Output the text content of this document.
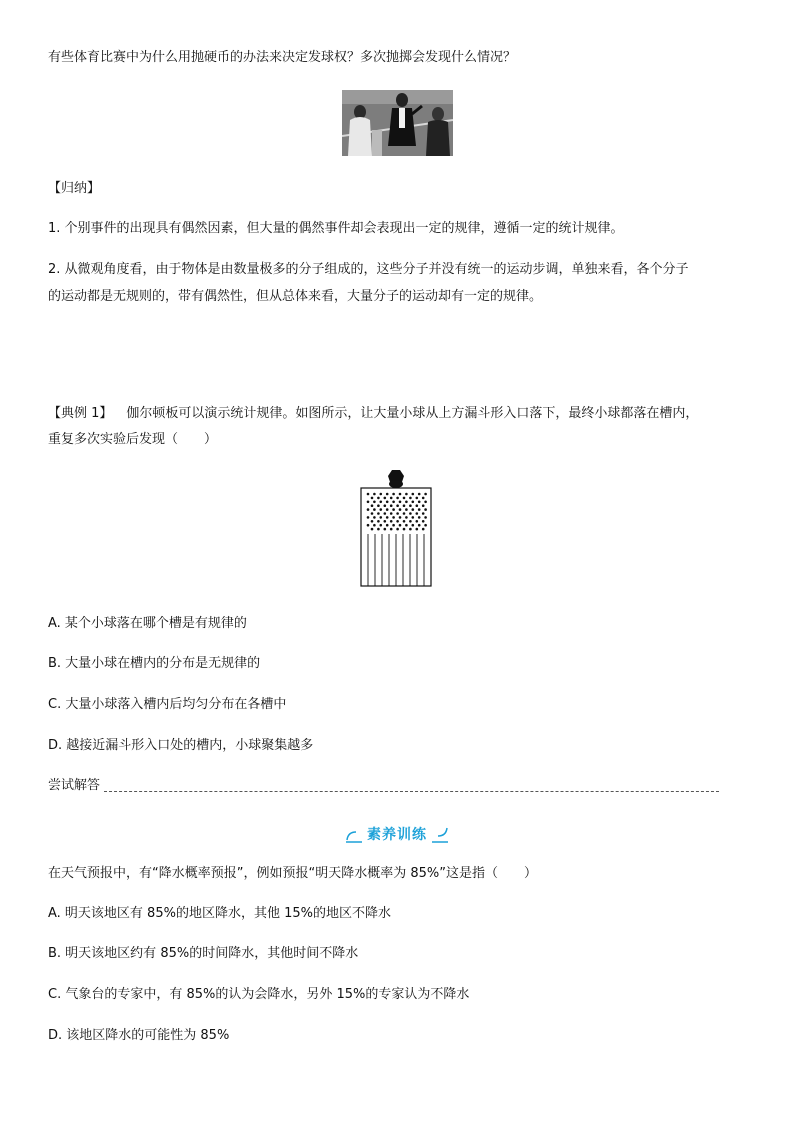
有些体育比赛中为什么用抛硬币的办法来决定发球权？多次抛掷会发现什么情况？
【归纳】
1. 个别事件的出现具有偶然因素，但大量的偶然事件却会表现出一定的规律，遵循一定的统计规律。
2. 从微观角度看，由于物体是由数量极多的分子组成的，这些分子并没有统一的运动步调，单独来看，各个分子
的运动都是无规则的，带有偶然性，但从总体来看，大量分子的运动却有一定的规律。
【典例 1】 伽尔顿板可以演示统计规律。如图所示，让大量小球从上方漏斗形入口落下，最终小球都落在槽内，
重复多次实验后发现（　　）
A. 某个小球落在哪个槽是有规律的
B. 大量小球在槽内的分布是无规律的
C. 大量小球落入槽内后均匀分布在各槽中
D. 越接近漏斗形入口处的槽内，小球聚集越多
尝试解答
素养训练
在天气预报中，有“降水概率预报”，例如预报“明天降水概率为 85%”这是指（　　）
A. 明天该地区有 85%的地区降水，其他 15%的地区不降水
B. 明天该地区约有 85%的时间降水，其他时间不降水
C. 气象台的专家中，有 85%的认为会降水，另外 15%的专家认为不降水
D. 该地区降水的可能性为 85%
